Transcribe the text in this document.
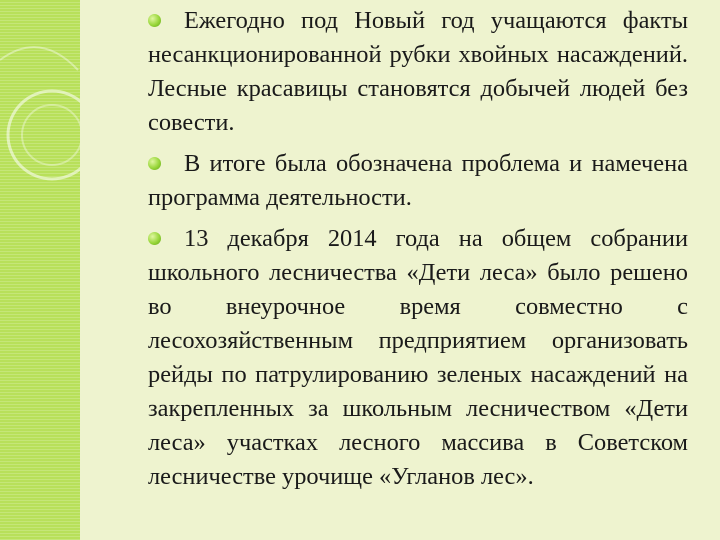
Ежегодно под Новый год учащаются факты несанкционированной рубки хвойных насаждений. Лесные красавицы становятся добычей людей без совести.

В итоге была обозначена проблема и намечена программа деятельности.

13 декабря 2014 года на общем собрании школьного лесничества «Дети леса» было решено во внеурочное время совместно с лесохозяйственным предприятием организовать рейды по патрулированию зеленых насаждений на закрепленных за школьным лесничеством «Дети леса» участках лесного массива в Советском лесничестве урочище «Угланов лес».
